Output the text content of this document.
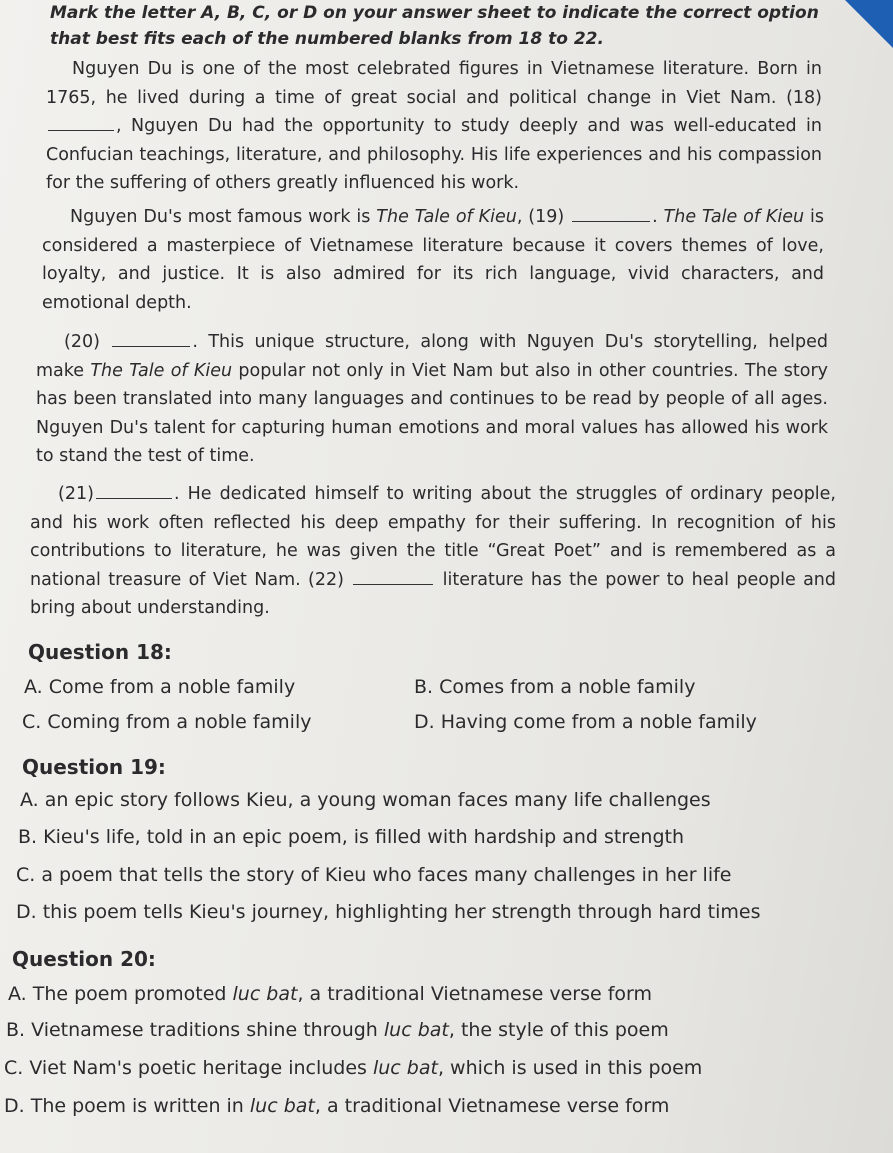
Mark the letter A, B, C, or D on your answer sheet to indicate the correct option that best fits each of the numbered blanks from 18 to 22.
Nguyen Du is one of the most celebrated figures in Vietnamese literature. Born in 1765, he lived during a time of great social and political change in Viet Nam. (18), Nguyen Du had the opportunity to study deeply and was well-educated in Confucian teachings, literature, and philosophy. His life experiences and his compassion for the suffering of others greatly influenced his work.
Nguyen Du's most famous work is The Tale of Kieu, (19)	. The Tale of Kieu is considered a masterpiece of Vietnamese literature because it covers themes of love, loyalty, and justice. It is also admired for its rich language, vivid characters, and emotional depth.
(20)	. This unique structure, along with Nguyen Du's storytelling, helped make The Tale of Kieu popular not only in Viet Nam but also in other countries. The story has been translated into many languages and continues to be read by people of all ages. Nguyen Du's talent for capturing human emotions and moral values has allowed his work to stand the test of time.
(21)	. He dedicated himself to writing about the struggles of ordinary people, and his work often reflected his deep empathy for their suffering. In recognition of his contributions to literature, he was given the title “Great Poet” and is remembered as a national treasure of Viet Nam. (22)	literature has the power to heal people and bring about understanding.
Question 18:
A. Come from a noble family	B. Comes from a noble family
C. Coming from a noble family	D. Having come from a noble family
Question 19:
A. an epic story follows Kieu, a young woman faces many life challenges
B. Kieu's life, told in an epic poem, is filled with hardship and strength
C. a poem that tells the story of Kieu who faces many challenges in her life
D. this poem tells Kieu's journey, highlighting her strength through hard times
Question 20:
A. The poem promoted luc bat, a traditional Vietnamese verse form
B. Vietnamese traditions shine through luc bat, the style of this poem
C. Viet Nam's poetic heritage includes luc bat, which is used in this poem
D. The poem is written in luc bat, a traditional Vietnamese verse form
